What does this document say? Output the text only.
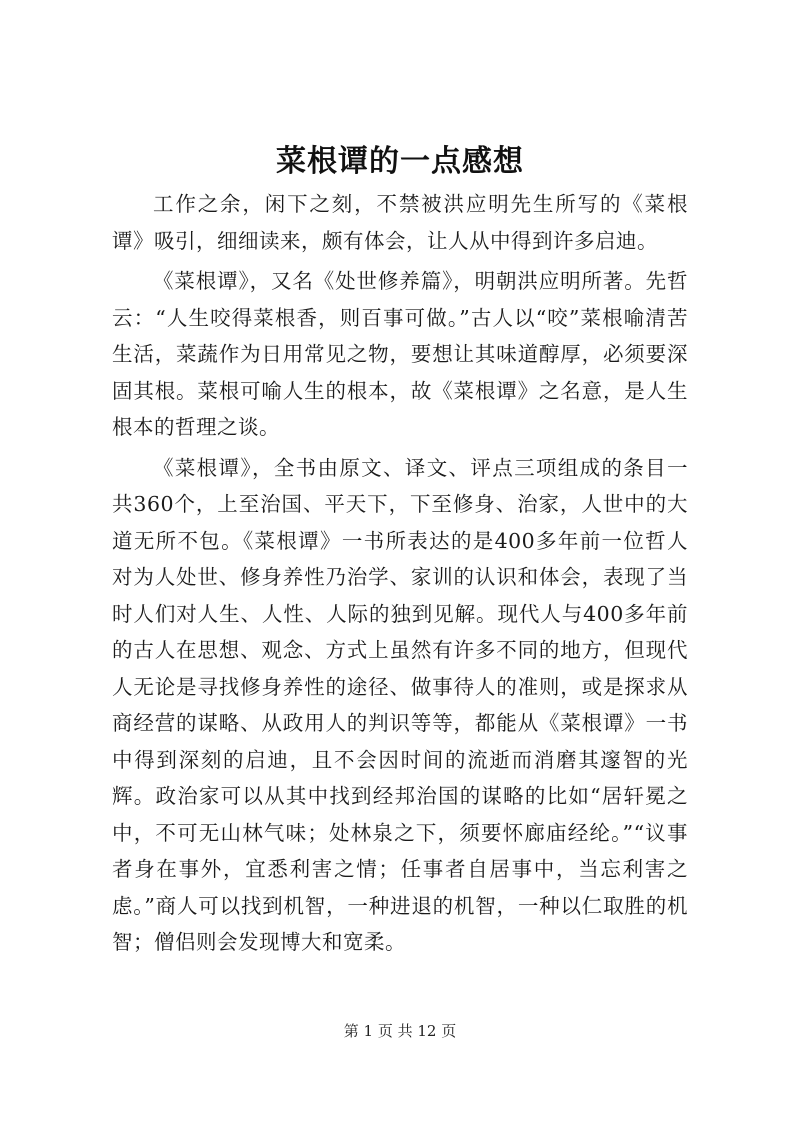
菜根谭的一点感想

工作之余，闲下之刻，不禁被洪应明先生所写的《菜根谭》吸引，细细读来，颇有体会，让人从中得到许多启迪。

《菜根谭》，又名《处世修养篇》，明朝洪应明所著。先哲云：“人生咬得菜根香，则百事可做。”古人以“咬”菜根喻清苦生活，菜蔬作为日用常见之物，要想让其味道醇厚，必须要深固其根。菜根可喻人生的根本，故《菜根谭》之名意，是人生根本的哲理之谈。

《菜根谭》，全书由原文、译文、评点三项组成的条目一共360个，上至治国、平天下，下至修身、治家，人世中的大道无所不包。《菜根谭》一书所表达的是400多年前一位哲人对为人处世、修身养性乃治学、家训的认识和体会，表现了当时人们对人生、人性、人际的独到见解。现代人与400多年前的古人在思想、观念、方式上虽然有许多不同的地方，但现代人无论是寻找修身养性的途径、做事待人的准则，或是探求从商经营的谋略、从政用人的判识等等，都能从《菜根谭》一书中得到深刻的启迪，且不会因时间的流逝而消磨其邃智的光辉。政治家可以从其中找到经邦治国的谋略的比如“居轩冕之中，不可无山林气味；处林泉之下，须要怀廊庙经纶。”“议事者身在事外，宜悉利害之情；任事者自居事中，当忘利害之虑。”商人可以找到机智，一种进退的机智，一种以仁取胜的机智；僧侣则会发现博大和宽柔。

第 1 页 共 12 页
